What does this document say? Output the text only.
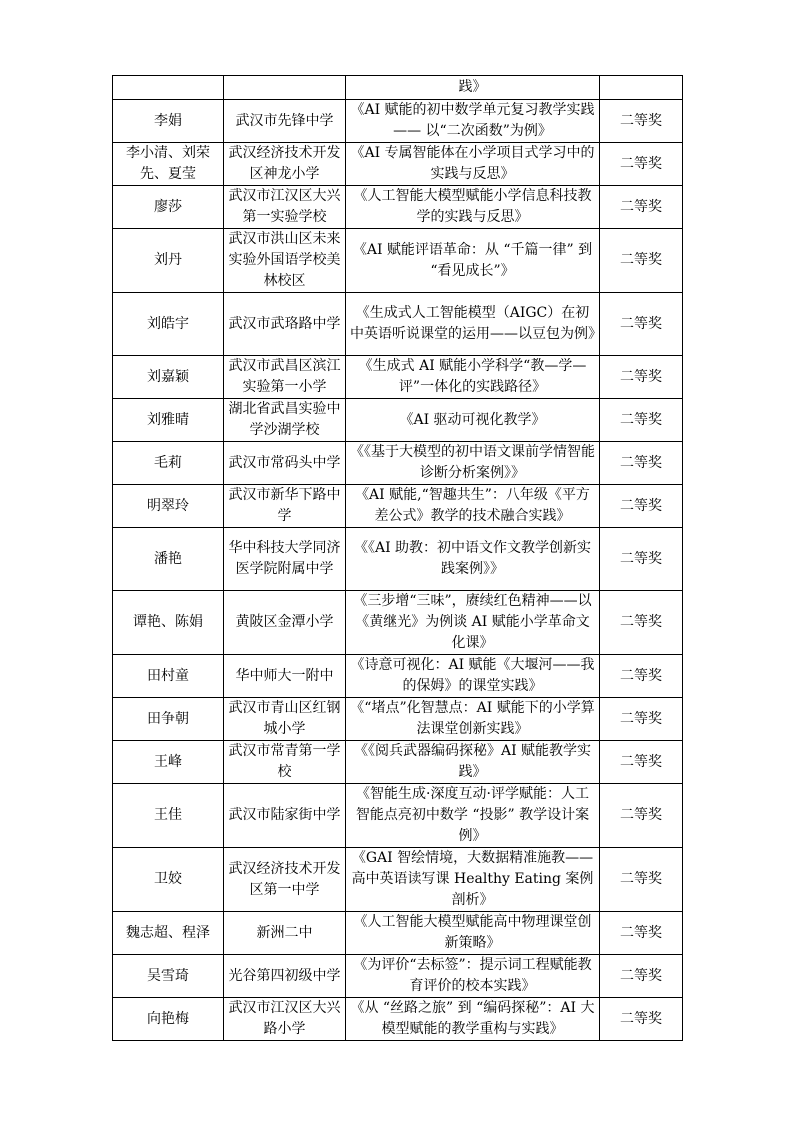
		践》	
李娟	武汉市先锋中学	《AI 赋能的初中数学单元复习教学实践 —— 以“二次函数”为例》	二等奖
李小清、刘荣先、夏莹	武汉经济技术开发区神龙小学	《AI 专属智能体在小学项目式学习中的实践与反思》	二等奖
廖莎	武汉市江汉区大兴第一实验学校	《人工智能大模型赋能小学信息科技教学的实践与反思》	二等奖
刘丹	武汉市洪山区未来实验外国语学校美林校区	《AI 赋能评语革命：从 “千篇一律” 到 “看见成长”》	二等奖
刘皓宇	武汉市武珞路中学	《生成式人工智能模型（AIGC）在初中英语听说课堂的运用——以豆包为例》	二等奖
刘嘉颖	武汉市武昌区滨江实验第一小学	《生成式 AI 赋能小学科学“教—学—评”一体化的实践路径》	二等奖
刘雅晴	湖北省武昌实验中学沙湖学校	《AI 驱动可视化教学》	二等奖
毛莉	武汉市常码头中学	《《基于大模型的初中语文课前学情智能诊断分析案例》》	二等奖
明翠玲	武汉市新华下路中学	《AI 赋能,“智趣共生”：八年级《平方差公式》教学的技术融合实践》	二等奖
潘艳	华中科技大学同济医学院附属中学	《《AI 助教：初中语文作文教学创新实践案例》》	二等奖
谭艳、陈娟	黄陂区金潭小学	《三步增“三味”，赓续红色精神——以《黄继光》为例谈 AI 赋能小学革命文化课》	二等奖
田村童	华中师大一附中	《诗意可视化：AI 赋能《大堰河——我的保姆》的课堂实践》	二等奖
田争朝	武汉市青山区红钢城小学	《“堵点”化智慧点：AI 赋能下的小学算法课堂创新实践》	二等奖
王峰	武汉市常青第一学校	《《阅兵武器编码探秘》AI 赋能教学实践》	二等奖
王佳	武汉市陆家街中学	《智能生成·深度互动·评学赋能：人工智能点亮初中数学 “投影” 教学设计案例》	二等奖
卫姣	武汉经济技术开发区第一中学	《GAI 智绘情境，大数据精准施教——高中英语读写课 Healthy Eating 案例剖析》	二等奖
魏志超、程泽	新洲二中	《人工智能大模型赋能高中物理课堂创新策略》	二等奖
吴雪琦	光谷第四初级中学	《为评价“去标签”：提示词工程赋能教育评价的校本实践》	二等奖
向艳梅	武汉市江汉区大兴路小学	《从 “丝路之旅” 到 “编码探秘”：AI 大模型赋能的教学重构与实践》	二等奖
